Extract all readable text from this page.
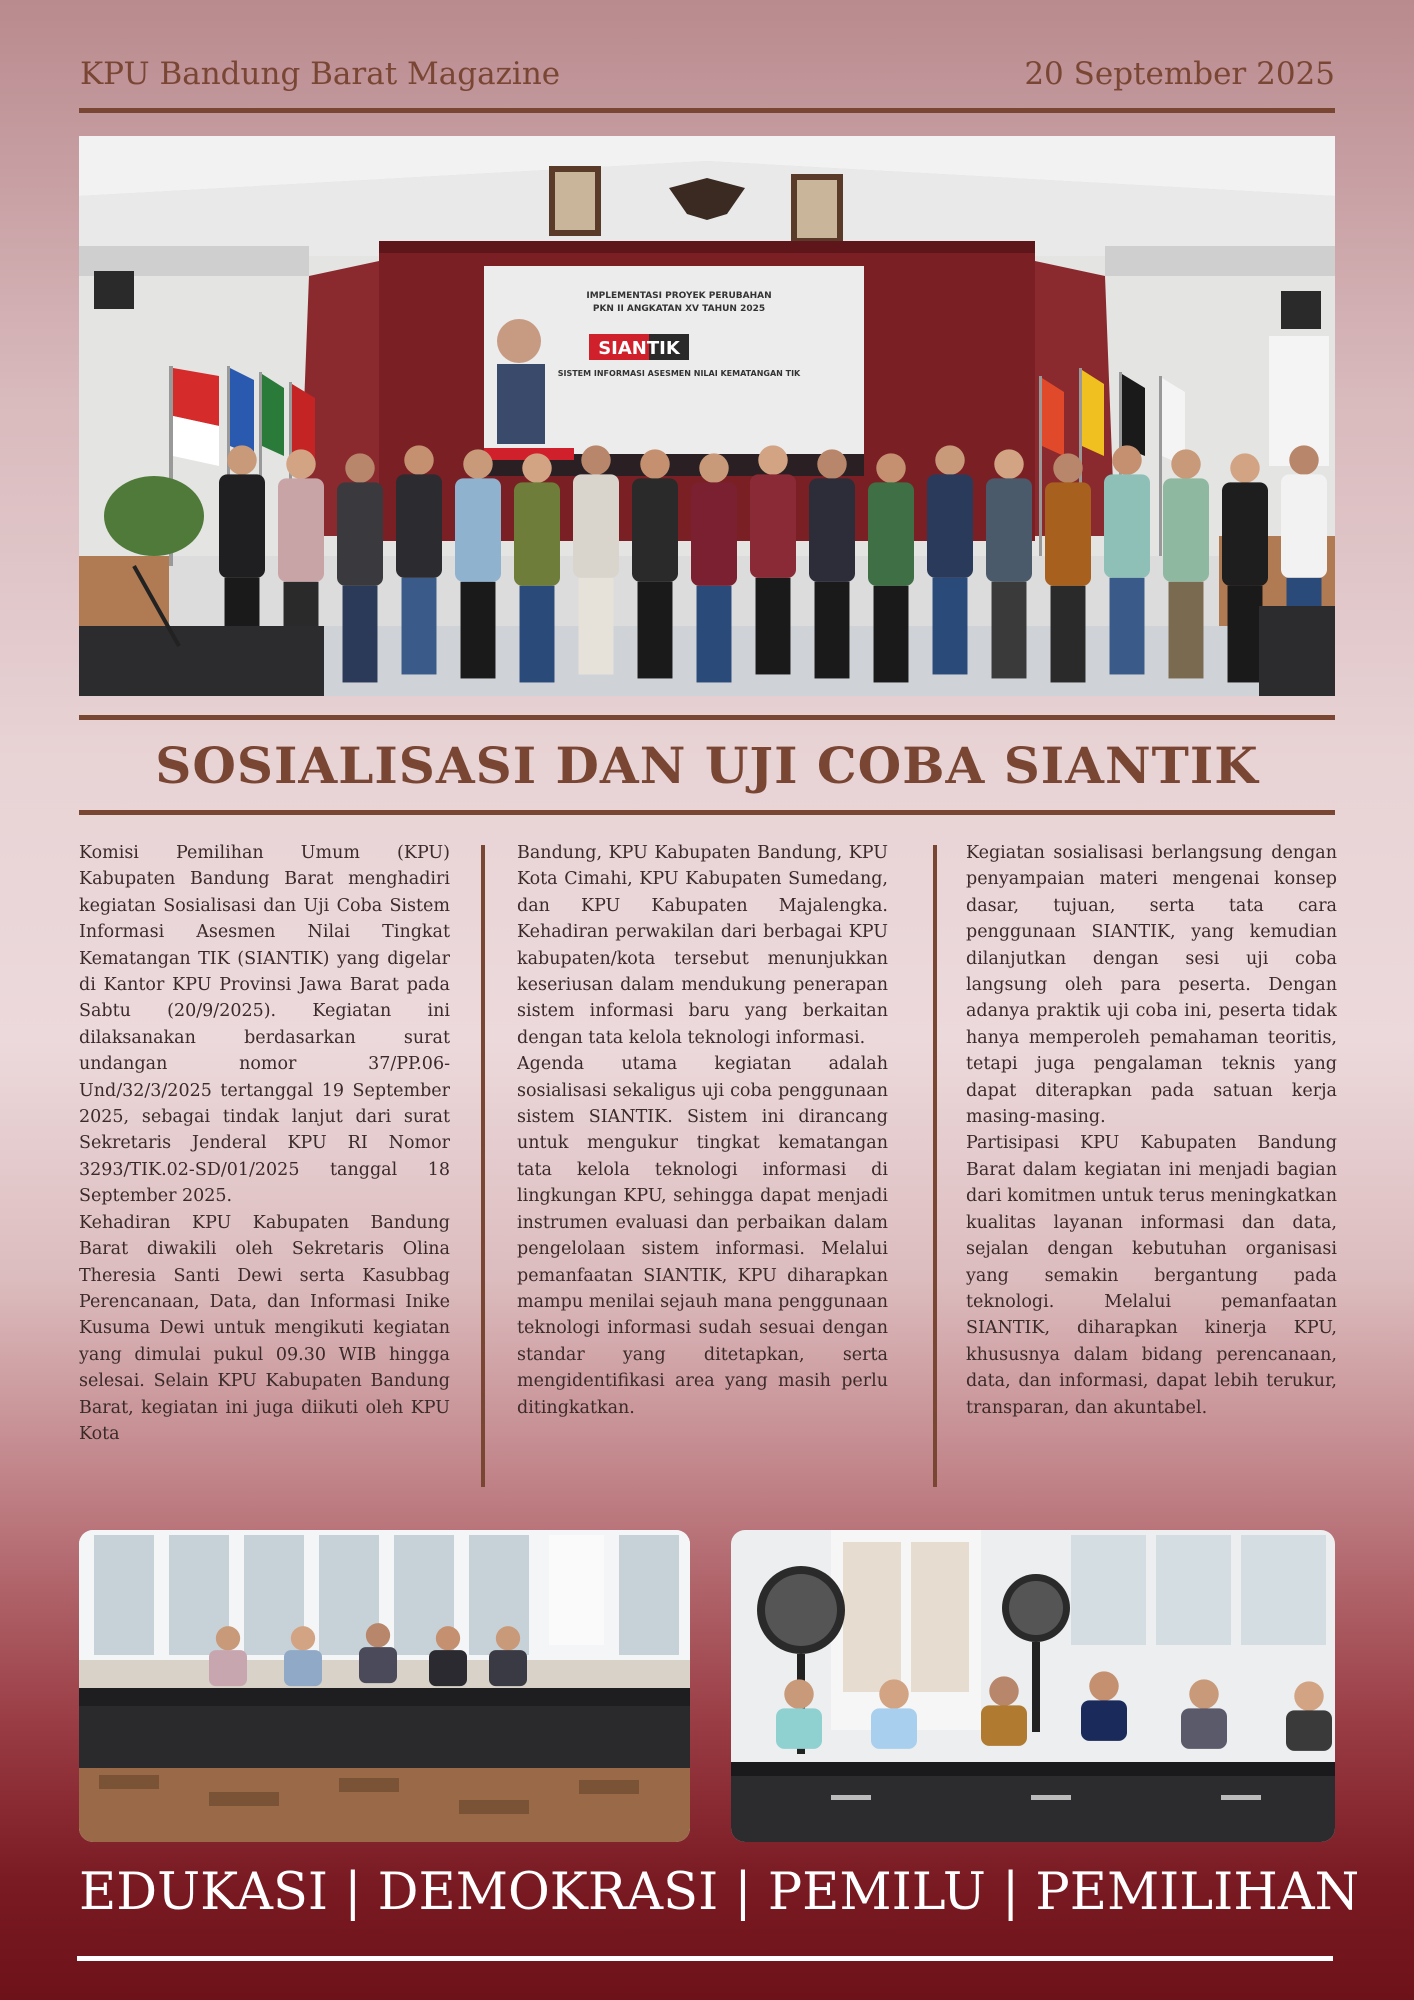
KPU Bandung Barat Magazine	20 September 2025
IMPLEMENTASI PROYEK PERUBAHAN
PKN II ANGKATAN XV TAHUN 2025
SIANTIK
SISTEM INFORMASI ASESMEN NILAI KEMATANGAN TIK
SOSIALISASI DAN UJI COBA SIANTIK

Komisi Pemilihan Umum (KPU) Kabupaten Bandung Barat menghadiri kegiatan Sosialisasi dan Uji Coba Sistem Informasi Asesmen Nilai Tingkat Kematangan TIK (SIANTIK) yang digelar di Kantor KPU Provinsi Jawa Barat pada Sabtu (20/9/2025). Kegiatan ini dilaksanakan berdasarkan surat undangan nomor 37/PP.06-Und/32/3/2025 tertanggal 19 September 2025, sebagai tindak lanjut dari surat Sekretaris Jenderal KPU RI Nomor 3293/TIK.02-SD/01/2025 tanggal 18 September 2025.

Kehadiran KPU Kabupaten Bandung Barat diwakili oleh Sekretaris Olina Theresia Santi Dewi serta Kasubbag Perencanaan, Data, dan Informasi Inike Kusuma Dewi untuk mengikuti kegiatan yang dimulai pukul 09.30 WIB hingga selesai. Selain KPU Kabupaten Bandung Barat, kegiatan ini juga diikuti oleh KPU Kota

Bandung, KPU Kabupaten Bandung, KPU Kota Cimahi, KPU Kabupaten Sumedang, dan KPU Kabupaten Majalengka. Kehadiran perwakilan dari berbagai KPU kabupaten/kota tersebut menunjukkan keseriusan dalam mendukung penerapan sistem informasi baru yang berkaitan dengan tata kelola teknologi informasi.

Agenda utama kegiatan adalah sosialisasi sekaligus uji coba penggunaan sistem SIANTIK. Sistem ini dirancang untuk mengukur tingkat kematangan tata kelola teknologi informasi di lingkungan KPU, sehingga dapat menjadi instrumen evaluasi dan perbaikan dalam pengelolaan sistem informasi. Melalui pemanfaatan SIANTIK, KPU diharapkan mampu menilai sejauh mana penggunaan teknologi informasi sudah sesuai dengan standar yang ditetapkan, serta mengidentifikasi area yang masih perlu ditingkatkan.

Kegiatan sosialisasi berlangsung dengan penyampaian materi mengenai konsep dasar, tujuan, serta tata cara penggunaan SIANTIK, yang kemudian dilanjutkan dengan sesi uji coba langsung oleh para peserta. Dengan adanya praktik uji coba ini, peserta tidak hanya memperoleh pemahaman teoritis, tetapi juga pengalaman teknis yang dapat diterapkan pada satuan kerja masing-masing.

Partisipasi KPU Kabupaten Bandung Barat dalam kegiatan ini menjadi bagian dari komitmen untuk terus meningkatkan kualitas layanan informasi dan data, sejalan dengan kebutuhan organisasi yang semakin bergantung pada teknologi. Melalui pemanfaatan SIANTIK, diharapkan kinerja KPU, khususnya dalam bidang perencanaan, data, dan informasi, dapat lebih terukur, transparan, dan akuntabel.

EDUKASI | DEMOKRASI | PEMILU | PEMILIHAN
